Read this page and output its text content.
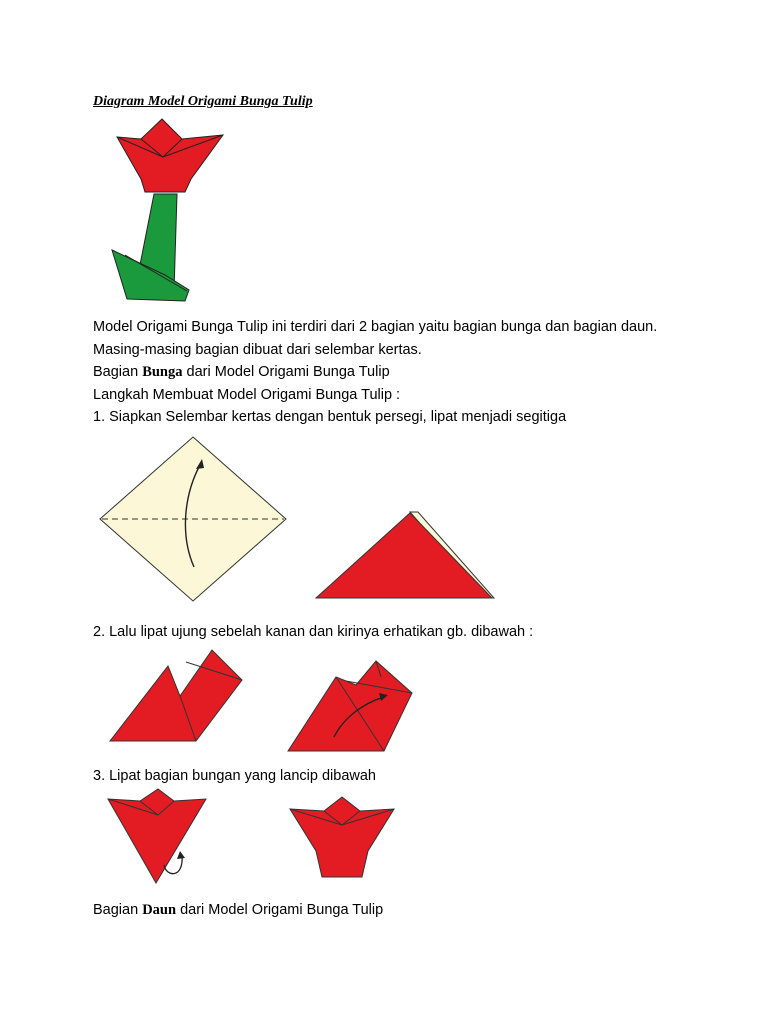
Diagram Model Origami Bunga Tulip
Model Origami Bunga Tulip ini terdiri dari 2 bagian yaitu bagian bunga dan bagian daun.
Masing-masing bagian dibuat dari selembar kertas.
Bagian Bunga dari Model Origami Bunga Tulip
Langkah Membuat Model Origami Bunga Tulip :
1. Siapkan Selembar kertas dengan bentuk persegi, lipat menjadi segitiga
2. Lalu lipat ujung sebelah kanan dan kirinya erhatikan gb. dibawah :
3. Lipat bagian bungan yang lancip dibawah
Bagian Daun dari Model Origami Bunga Tulip
